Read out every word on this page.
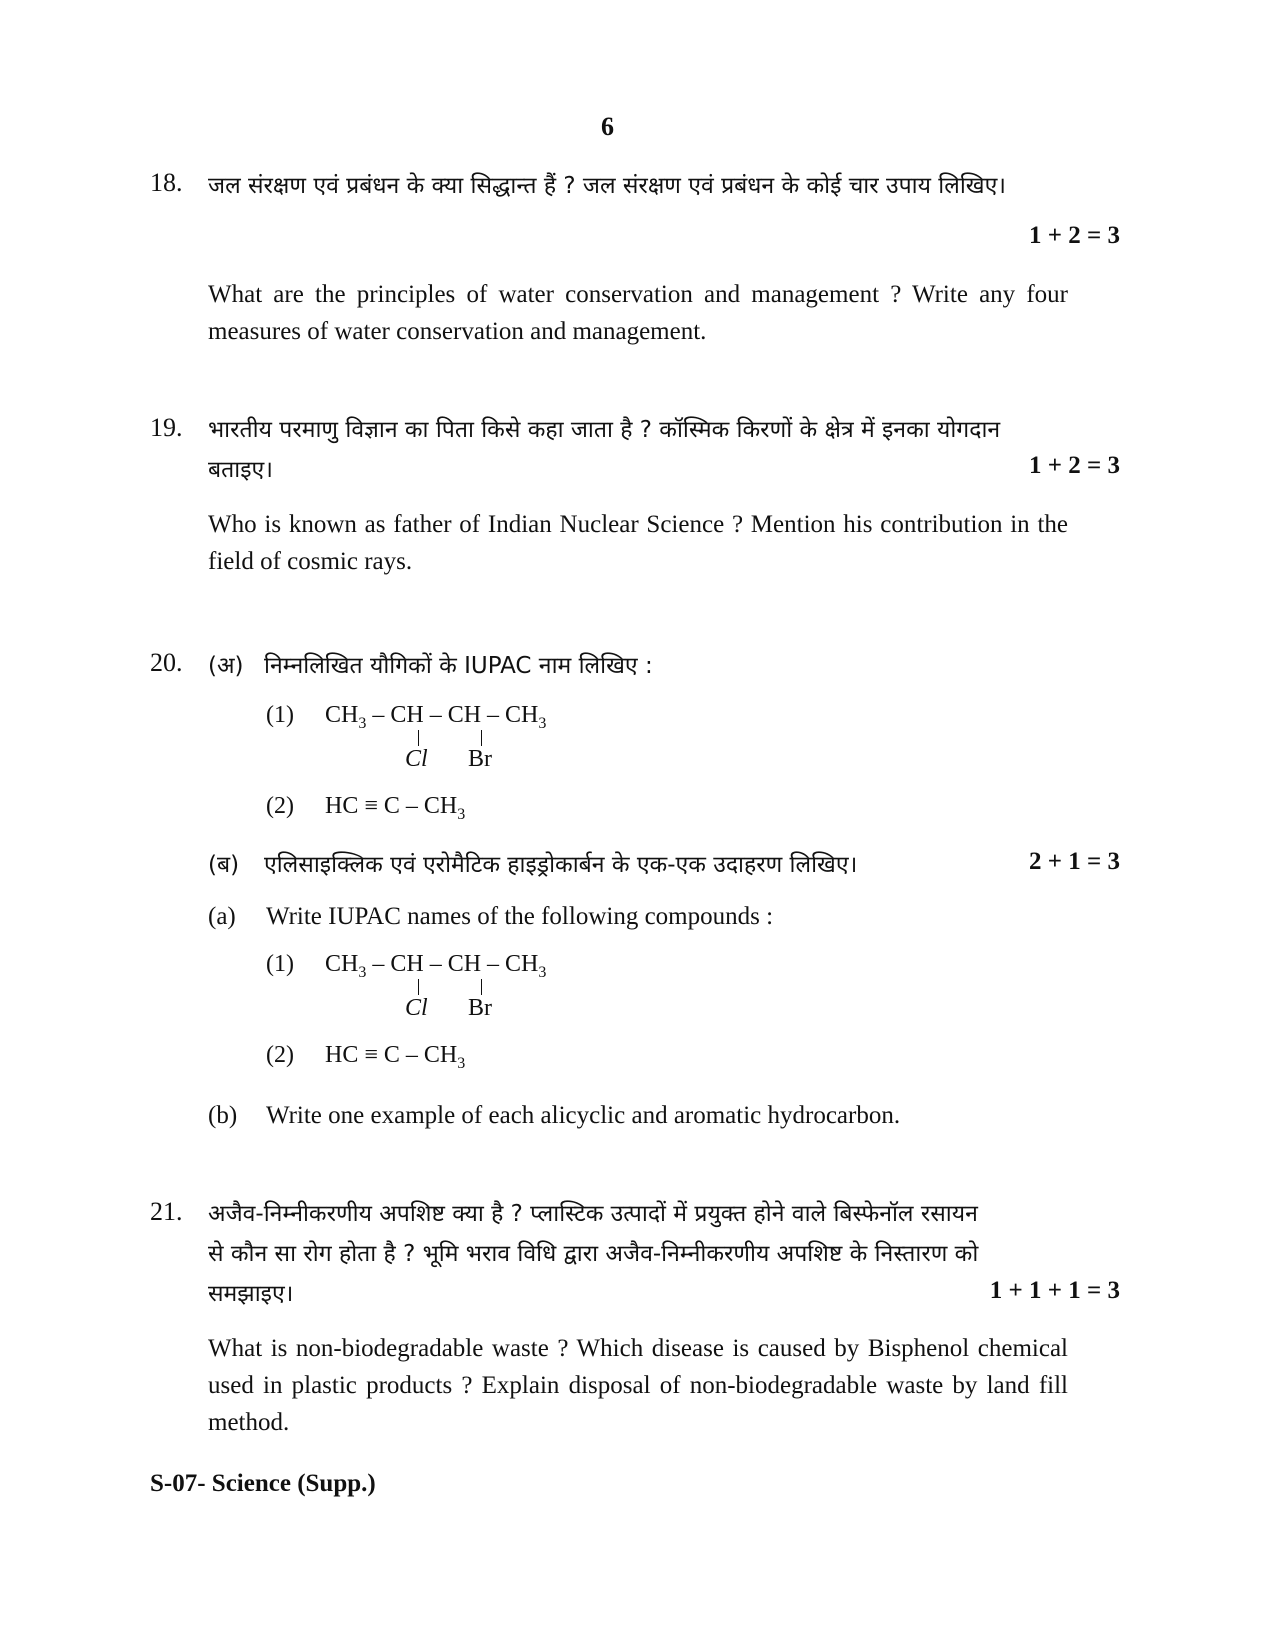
6
18. जल संरक्षण एवं प्रबंधन के क्या सिद्धान्त हैं ? जल संरक्षण एवं प्रबंधन के कोई चार उपाय लिखिए।
1 + 2 = 3
What are the principles of water conservation and management ? Write any four measures of water conservation and management.
19. भारतीय परमाणु विज्ञान का पिता किसे कहा जाता है ? कॉस्मिक किरणों के क्षेत्र में इनका योगदान
बताइए।	1 + 2 = 3
Who is known as father of Indian Nuclear Science ? Mention his contribution in the field of cosmic rays.
20. (अ) निम्नलिखित यौगिकों के IUPAC नाम लिखिए :
(1) $CH_3$ – CH – CH – $CH_3$
Cl Br
(2) HC ≡ C – $CH_3$
(ब) एलिसाइक्लिक एवं एरोमैटिक हाइड्रोकार्बन के एक-एक उदाहरण लिखिए।	2 + 1 = 3
(a) Write IUPAC names of the following compounds :
(1) $CH_3$ – CH – CH – $CH_3$
Cl Br
(2) HC ≡ C – $CH_3$
(b) Write one example of each alicyclic and aromatic hydrocarbon.
21. अजैव-निम्नीकरणीय अपशिष्ट क्या है ? प्लास्टिक उत्पादों में प्रयुक्त होने वाले बिस्फेनॉल रसायन
से कौन सा रोग होता है ? भूमि भराव विधि द्वारा अजैव-निम्नीकरणीय अपशिष्ट के निस्तारण को
समझाइए।	1 + 1 + 1 = 3
What is non-biodegradable waste ? Which disease is caused by Bisphenol chemical used in plastic products ? Explain disposal of non-biodegradable waste by land fill method.
S-07- Science (Supp.)
